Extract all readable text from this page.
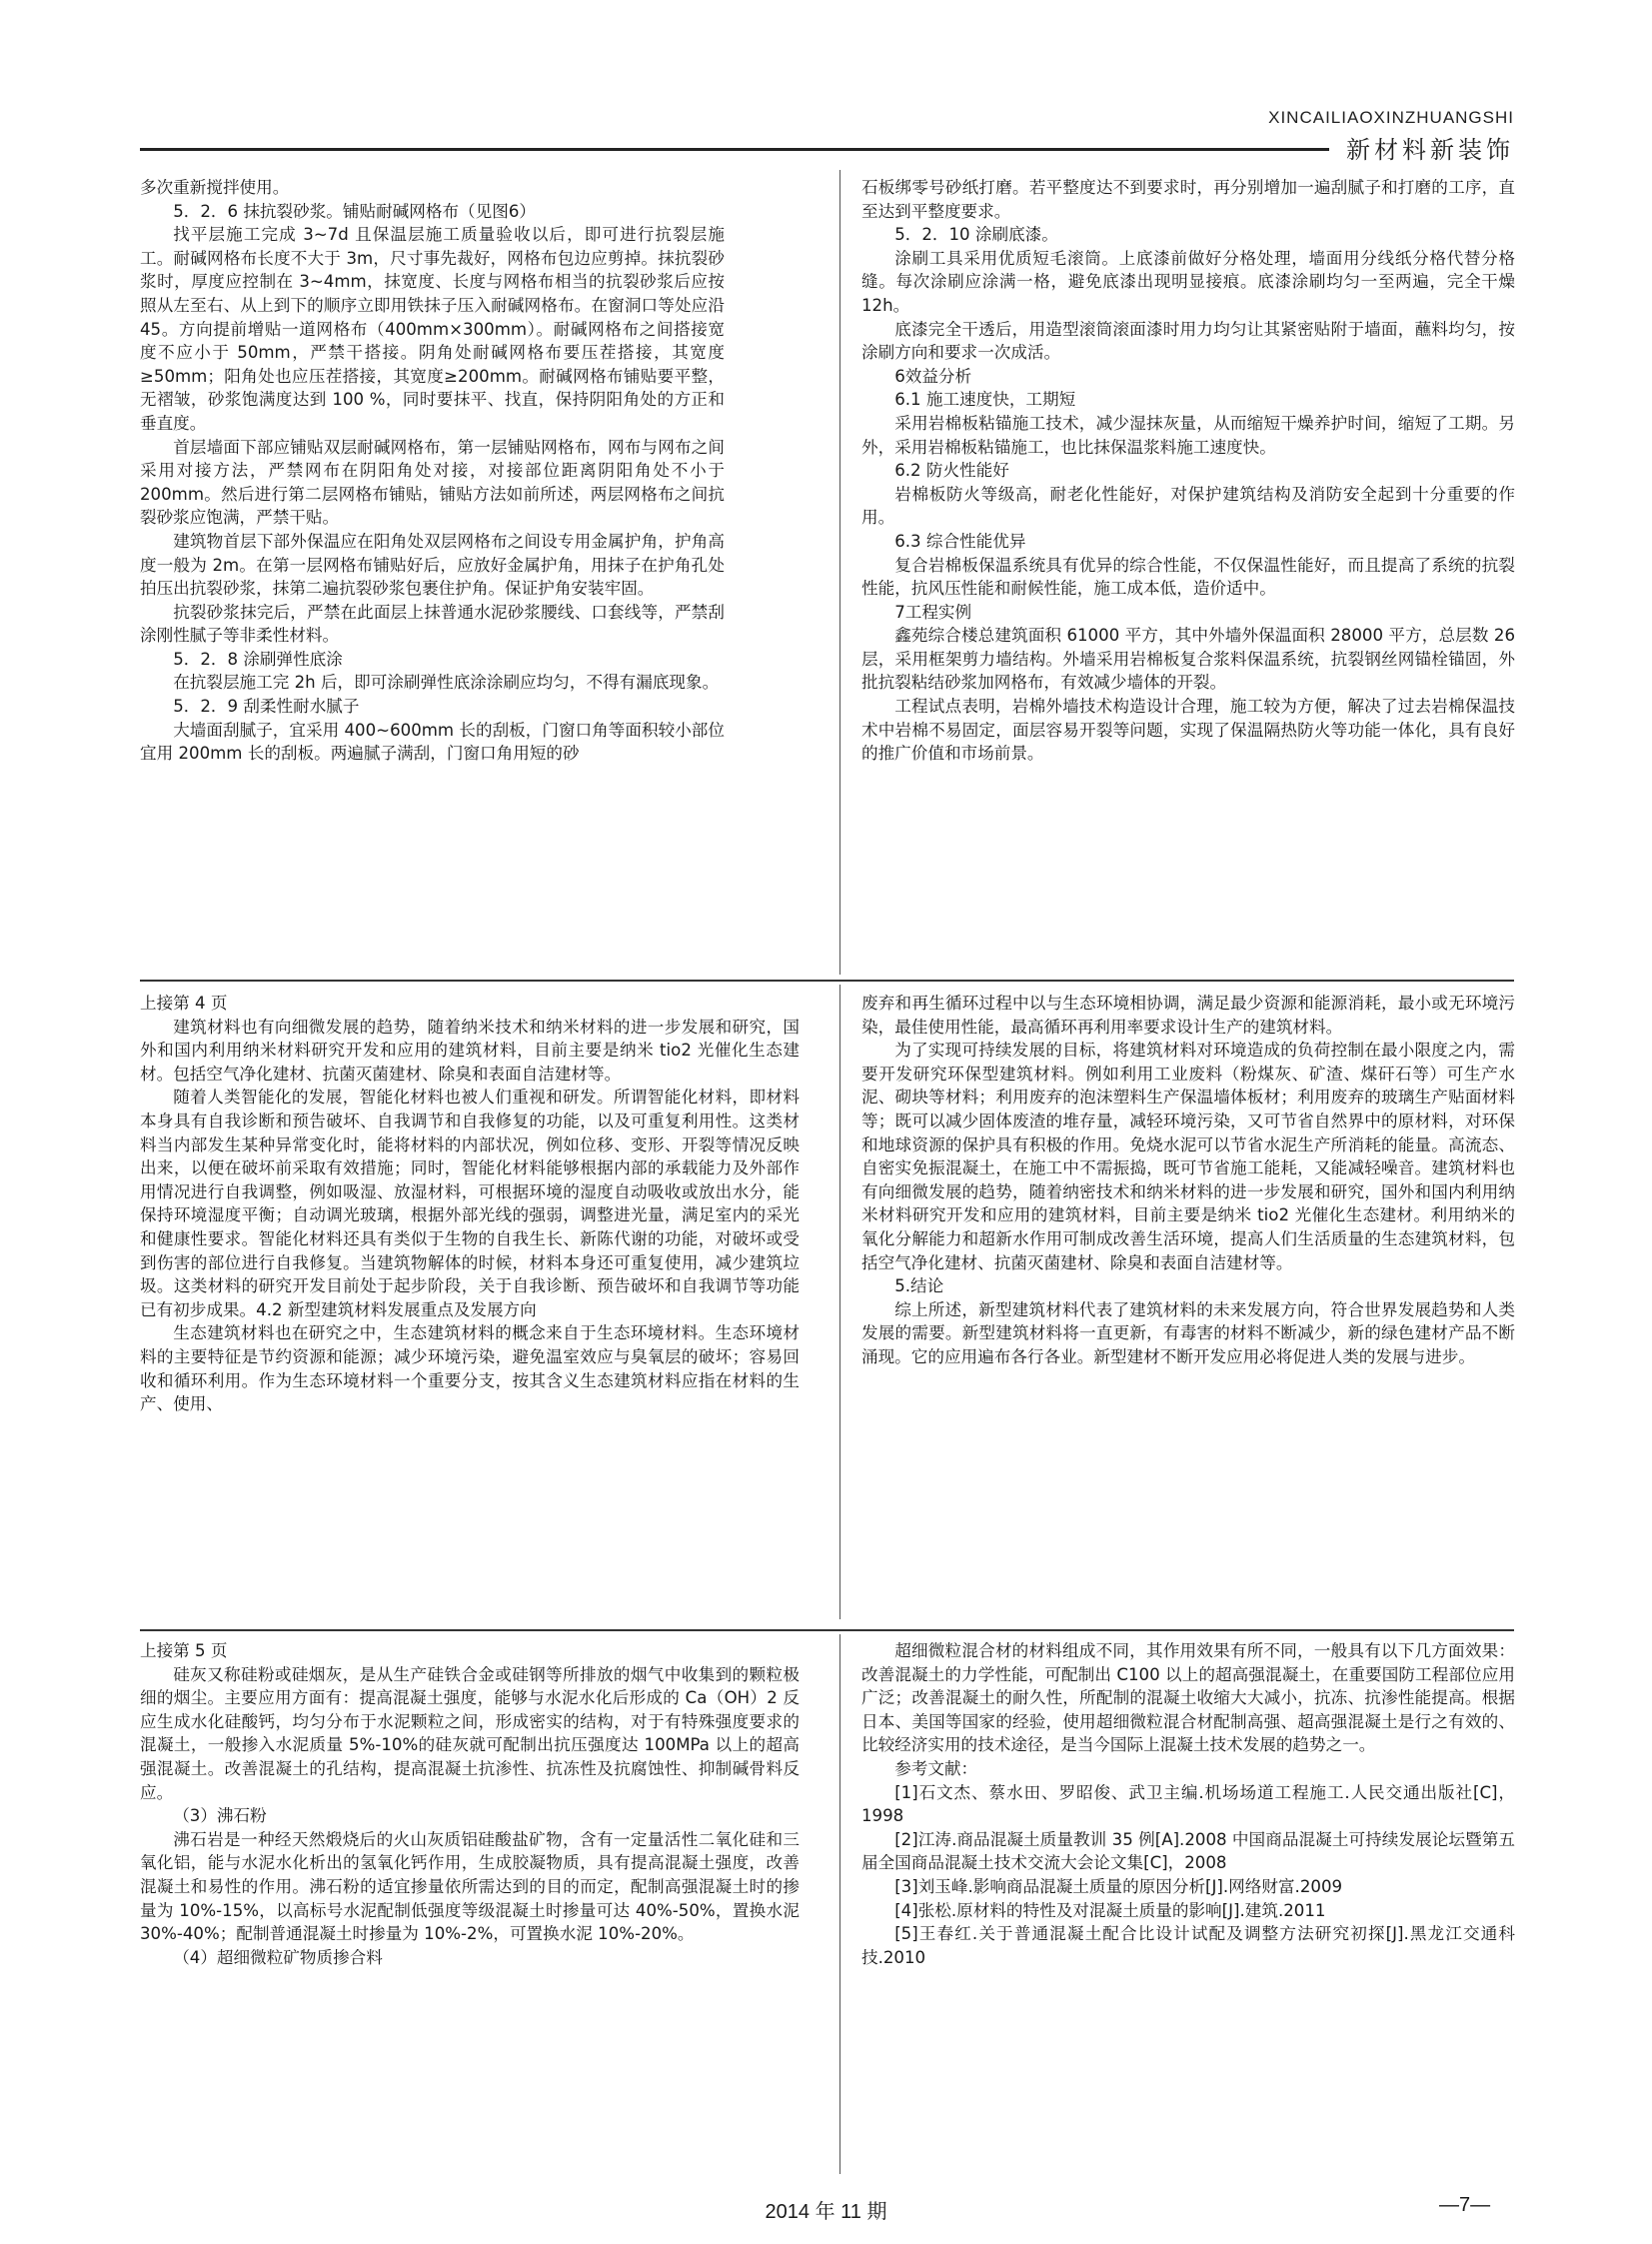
XINCAILIAOXINZHUANGSHI
新材料新装饰

多次重新搅拌使用。

5．2．6 抹抗裂砂浆。铺贴耐碱网格布（见图6）

找平层施工完成 3~7d 且保温层施工质量验收以后，即可进行抗裂层施工。耐碱网格布长度不大于 3m，尺寸事先裁好，网格布包边应剪掉。抹抗裂砂浆时，厚度应控制在 3~4mm，抹宽度、长度与网格布相当的抗裂砂浆后应按照从左至右、从上到下的顺序立即用铁抹子压入耐碱网格布。在窗洞口等处应沿 45。方向提前增贴一道网格布（400mm×300mm）。耐碱网格布之间搭接宽度不应小于 50mm，严禁干搭接。阴角处耐碱网格布要压茬搭接，其宽度≥50mm；阳角处也应压茬搭接，其宽度≥200mm。耐碱网格布铺贴要平整，无褶皱，砂浆饱满度达到 100 %，同时要抹平、找直，保持阴阳角处的方正和垂直度。

首层墙面下部应铺贴双层耐碱网格布，第一层铺贴网格布，网布与网布之间采用对接方法，严禁网布在阴阳角处对接，对接部位距离阴阳角处不小于 200mm。然后进行第二层网格布铺贴，铺贴方法如前所述，两层网格布之间抗裂砂浆应饱满，严禁干贴。

建筑物首层下部外保温应在阳角处双层网格布之间设专用金属护角，护角高度一般为 2m。在第一层网格布铺贴好后，应放好金属护角，用抹子在护角孔处拍压出抗裂砂浆，抹第二遍抗裂砂浆包裹住护角。保证护角安装牢固。

抗裂砂浆抹完后，严禁在此面层上抹普通水泥砂浆腰线、口套线等，严禁刮涂刚性腻子等非柔性材料。

5．2．8 涂刷弹性底涂

在抗裂层施工完 2h 后，即可涂刷弹性底涂涂刷应均匀，不得有漏底现象。

5．2．9 刮柔性耐水腻子

大墙面刮腻子，宜采用 400~600mm 长的刮板，门窗口角等面积较小部位宜用 200mm 长的刮板。两遍腻子满刮，门窗口角用短的砂

石板绑零号砂纸打磨。若平整度达不到要求时，再分别增加一遍刮腻子和打磨的工序，直至达到平整度要求。

5．2．10 涂刷底漆。

涂刷工具采用优质短毛滚筒。上底漆前做好分格处理，墙面用分线纸分格代替分格缝。每次涂刷应涂满一格，避免底漆出现明显接痕。底漆涂刷均匀一至两遍，完全干燥 12h。

底漆完全干透后，用造型滚筒滚面漆时用力均匀让其紧密贴附于墙面，蘸料均匀，按涂刷方向和要求一次成活。

6效益分析

6.1 施工速度快，工期短

采用岩棉板粘锚施工技术，减少湿抹灰量，从而缩短干燥养护时间，缩短了工期。另外，采用岩棉板粘锚施工，也比抹保温浆料施工速度快。

6.2 防火性能好

岩棉板防火等级高，耐老化性能好，对保护建筑结构及消防安全起到十分重要的作用。

6.3 综合性能优异

复合岩棉板保温系统具有优异的综合性能，不仅保温性能好，而且提高了系统的抗裂性能，抗风压性能和耐候性能，施工成本低，造价适中。

7工程实例

鑫苑综合楼总建筑面积 61000 平方，其中外墙外保温面积 28000 平方，总层数 26 层，采用框架剪力墙结构。外墙采用岩棉板复合浆料保温系统，抗裂钢丝网锚栓锚固，外批抗裂粘结砂浆加网格布，有效减少墙体的开裂。

工程试点表明，岩棉外墙技术构造设计合理，施工较为方便，解决了过去岩棉保温技术中岩棉不易固定，面层容易开裂等问题，实现了保温隔热防火等功能一体化，具有良好的推广价值和市场前景。

上接第 4 页

建筑材料也有向细微发展的趋势，随着纳米技术和纳米材料的进一步发展和研究，国外和国内利用纳米材料研究开发和应用的建筑材料，目前主要是纳米 tio2 光催化生态建材。包括空气净化建材、抗菌灭菌建材、除臭和表面自洁建材等。

随着人类智能化的发展，智能化材料也被人们重视和研发。所谓智能化材料，即材料本身具有自我诊断和预告破坏、自我调节和自我修复的功能，以及可重复利用性。这类材料当内部发生某种异常变化时，能将材料的内部状况，例如位移、变形、开裂等情况反映出来，以便在破坏前采取有效措施；同时，智能化材料能够根据内部的承载能力及外部作用情况进行自我调整，例如吸湿、放湿材料，可根据环境的湿度自动吸收或放出水分，能保持环境湿度平衡；自动调光玻璃，根据外部光线的强弱，调整进光量，满足室内的采光和健康性要求。智能化材料还具有类似于生物的自我生长、新陈代谢的功能，对破坏或受到伤害的部位进行自我修复。当建筑物解体的时候，材料本身还可重复使用，减少建筑垃圾。这类材料的研究开发目前处于起步阶段，关于自我诊断、预告破坏和自我调节等功能已有初步成果。4.2 新型建筑材料发展重点及发展方向

生态建筑材料也在研究之中，生态建筑材料的概念来自于生态环境材料。生态环境材料的主要特征是节约资源和能源；减少环境污染，避免温室效应与臭氧层的破坏；容易回收和循环利用。作为生态环境材料一个重要分支，按其含义生态建筑材料应指在材料的生产、使用、

废弃和再生循环过程中以与生态环境相协调，满足最少资源和能源消耗，最小或无环境污染，最佳使用性能，最高循环再利用率要求设计生产的建筑材料。

为了实现可持续发展的目标，将建筑材料对环境造成的负荷控制在最小限度之内，需要开发研究环保型建筑材料。例如利用工业废料（粉煤灰、矿渣、煤矸石等）可生产水泥、砌块等材料；利用废弃的泡沫塑料生产保温墙体板材；利用废弃的玻璃生产贴面材料等；既可以减少固体废渣的堆存量，减轻环境污染，又可节省自然界中的原材料，对环保和地球资源的保护具有积极的作用。免烧水泥可以节省水泥生产所消耗的能量。高流态、自密实免振混凝土，在施工中不需振捣，既可节省施工能耗，又能减轻噪音。建筑材料也有向细微发展的趋势，随着纳密技术和纳米材料的进一步发展和研究，国外和国内利用纳米材料研究开发和应用的建筑材料，目前主要是纳米 tio2 光催化生态建材。利用纳米的氧化分解能力和超新水作用可制成改善生活环境，提高人们生活质量的生态建筑材料，包括空气净化建材、抗菌灭菌建材、除臭和表面自洁建材等。

5.结论

综上所述，新型建筑材料代表了建筑材料的未来发展方向，符合世界发展趋势和人类发展的需要。新型建筑材料将一直更新，有毒害的材料不断减少，新的绿色建材产品不断涌现。它的应用遍布各行各业。新型建材不断开发应用必将促进人类的发展与进步。

上接第 5 页

硅灰又称硅粉或硅烟灰，是从生产硅铁合金或硅钢等所排放的烟气中收集到的颗粒极细的烟尘。主要应用方面有：提高混凝土强度，能够与水泥水化后形成的 Ca（OH）2 反应生成水化硅酸钙，均匀分布于水泥颗粒之间，形成密实的结构，对于有特殊强度要求的混凝土，一般掺入水泥质量 5%-10%的硅灰就可配制出抗压强度达 100MPa 以上的超高强混凝土。改善混凝土的孔结构，提高混凝土抗渗性、抗冻性及抗腐蚀性、抑制碱骨料反应。

（3）沸石粉

沸石岩是一种经天然煅烧后的火山灰质铝硅酸盐矿物，含有一定量活性二氧化硅和三氧化铝，能与水泥水化析出的氢氧化钙作用，生成胶凝物质，具有提高混凝土强度，改善混凝土和易性的作用。沸石粉的适宜掺量依所需达到的目的而定，配制高强混凝土时的掺量为 10%-15%，以高标号水泥配制低强度等级混凝土时掺量可达 40%-50%，置换水泥 30%-40%；配制普通混凝土时掺量为 10%-2%，可置换水泥 10%-20%。

（4）超细微粒矿物质掺合料

超细微粒混合材的材料组成不同，其作用效果有所不同，一般具有以下几方面效果：改善混凝土的力学性能，可配制出 C100 以上的超高强混凝土，在重要国防工程部位应用广泛；改善混凝土的耐久性，所配制的混凝土收缩大大减小，抗冻、抗渗性能提高。根据日本、美国等国家的经验，使用超细微粒混合材配制高强、超高强混凝土是行之有效的、比较经济实用的技术途径，是当今国际上混凝土技术发展的趋势之一。

参考文献：

[1]石文杰、蔡水田、罗昭俊、武卫主编.机场场道工程施工.人民交通出版社[C]，1998

[2]江涛.商品混凝土质量教训 35 例[A].2008 中国商品混凝土可持续发展论坛暨第五届全国商品混凝土技术交流大会论文集[C]，2008

[3]刘玉峰.影响商品混凝土质量的原因分析[J].网络财富.2009

[4]张松.原材料的特性及对混凝土质量的影响[J].建筑.2011

[5]王春红.关于普通混凝土配合比设计试配及调整方法研究初探[J].黑龙江交通科技.2010

2014 年 11 期	—7—
